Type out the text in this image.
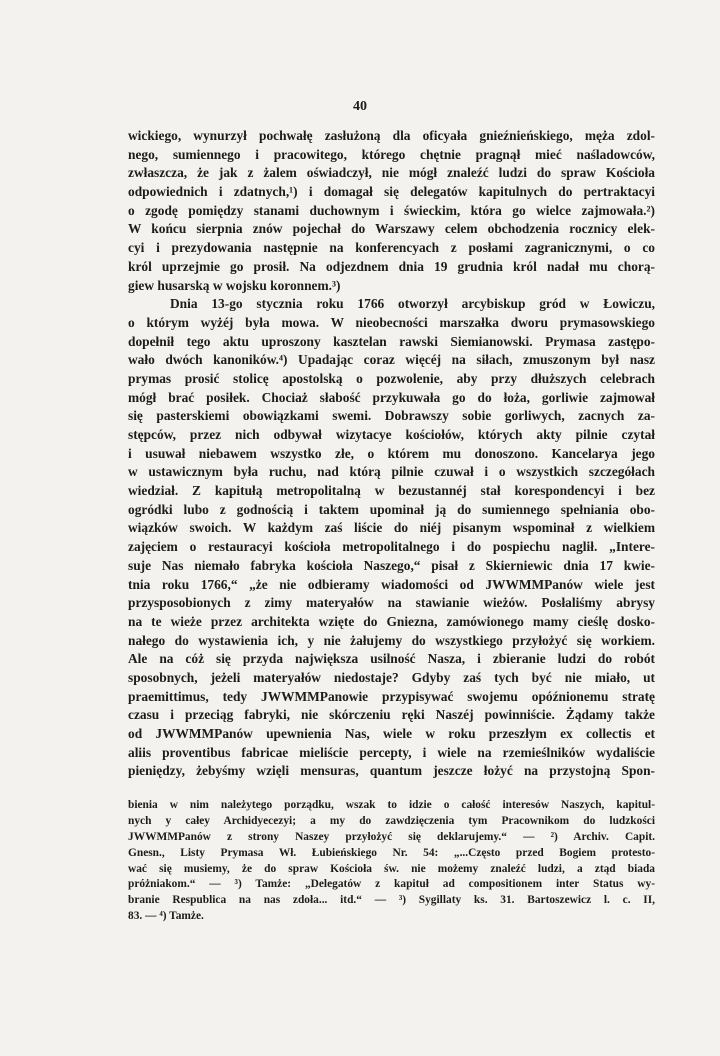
40
wickiego, wynurzył pochwałę zasłużoną dla oficyała gnieźnieńskiego, męża zdol-
nego, sumiennego i pracowitego, którego chętnie pragnął mieć naśladowców,
zwłaszcza, że jak z żalem oświadczył, nie mógł znaleźć ludzi do spraw Kościoła
odpowiednich i zdatnych,¹) i domagał się delegatów kapitulnych do pertraktacyi
o zgodę pomiędzy stanami duchownym i świeckim, która go wielce zajmowała.²)
W końcu sierpnia znów pojechał do Warszawy celem obchodzenia rocznicy elek-
cyi i prezydowania następnie na konferencyach z posłami zagranicznymi, o co
król uprzejmie go prosił. Na odjezdnem dnia 19 grudnia król nadał mu chorą-
giew husarską w wojsku koronnem.³)
Dnia 13-go stycznia roku 1766 otworzył arcybiskup gród w Łowiczu,
o którym wyżéj była mowa. W nieobecności marszałka dworu prymasowskiego
dopełnił tego aktu uproszony kasztelan rawski Siemianowski. Prymasa zastępo-
wało dwóch kanoników.⁴) Upadając coraz więcéj na siłach, zmuszonym był nasz
prymas prosić stolicę apostolską o pozwolenie, aby przy dłuższych celebrach
mógł brać posiłek. Chociaż słabość przykuwała go do łoża, gorliwie zajmował
się pasterskiemi obowiązkami swemi. Dobrawszy sobie gorliwych, zacnych za-
stępców, przez nich odbywał wizytacye kościołów, których akty pilnie czytał
i usuwał niebawem wszystko złe, o którem mu donoszono. Kancelarya jego
w ustawicznym była ruchu, nad którą pilnie czuwał i o wszystkich szczegółach
wiedział. Z kapitułą metropolitalną w bezustannéj stał korespondencyi i bez
ogródki lubo z godnością i taktem upominał ją do sumiennego spełniania obo-
wiązków swoich. W każdym zaś liście do niéj pisanym wspominał z wielkiem
zajęciem o restauracyi kościoła metropolitalnego i do pospiechu naglił. „Intere-
suje Nas niemało fabryka kościoła Naszego,“ pisał z Skierniewic dnia 17 kwie-
tnia roku 1766,“ „że nie odbieramy wiadomości od JWWMMPanów wiele jest
przysposobionych z zimy materyałów na stawianie wieżów. Posłaliśmy abrysy
na te wieże przez architekta wzięte do Gniezna, zamówionego mamy cieślę dosko-
nałego do wystawienia ich, y nie żałujemy do wszystkiego przyłożyć się workiem.
Ale na cóż się przyda największa usilność Nasza, i zbieranie ludzi do robót
sposobnych, jeżeli materyałów niedostaje? Gdyby zaś tych być nie miało, ut
praemittimus, tedy JWWMMPanowie przypisywać swojemu opóźnionemu stratę
czasu i przeciąg fabryki, nie skórczeniu ręki Naszéj powinniście. Żądamy także
od JWWMMPanów upewnienia Nas, wiele w roku przeszłym ex collectis et
aliis proventibus fabricae mieliście percepty, i wiele na rzemieślników wydaliście
pieniędzy, żebyśmy wzięli mensuras, quantum jeszcze łożyć na przystojną Spon-
bienia w nim należytego porządku, wszak to idzie o całość interesów Naszych, kapitul-
nych y całey Archidyecezyi; a my do zawdzięczenia tym Pracownikom do ludzkości
JWWMMPanów z strony Naszey przyłożyć się deklarujemy.“ — ²) Archiv. Capit.
Gnesn., Listy Prymasa Wł. Łubieńskiego Nr. 54: „...Często przed Bogiem protesto-
wać się musiemy, że do spraw Kościoła św. nie możemy znaleźć ludzi, a ztąd biada
próżniakom.“ — ³) Tamże: „Delegatów z kapituł ad compositionem inter Status wy-
branie Respublica na nas zdoła... itd.“ — ³) Sygillaty ks. 31. Bartoszewicz l. c. II,
83. — ⁴) Tamże.
